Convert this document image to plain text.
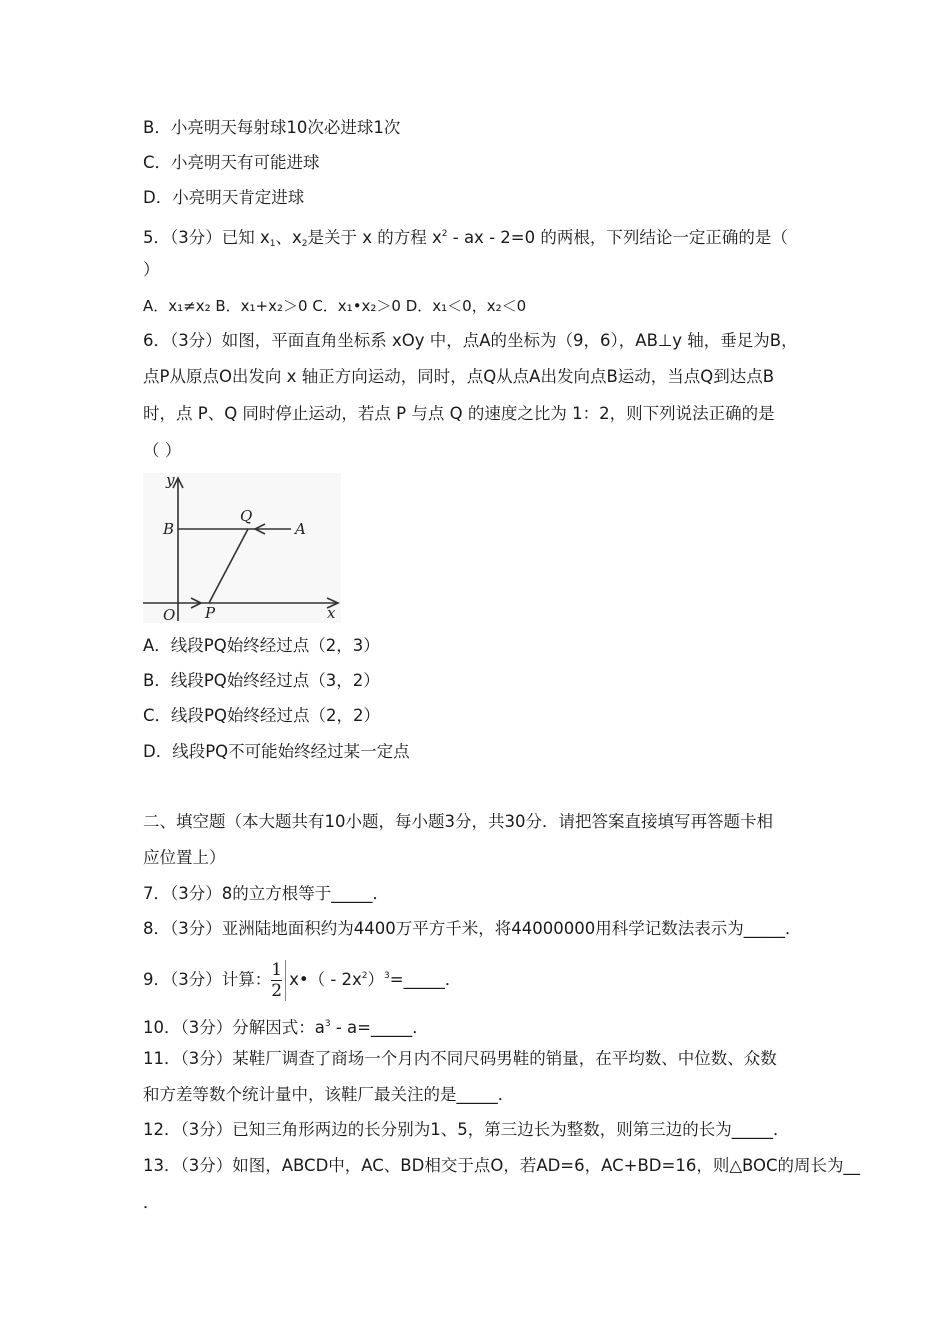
B．小亮明天每射球10次必进球1次
C．小亮明天有可能进球
D．小亮明天肯定进球
5．（3分）已知 $x_1$、$x_2$是关于 x 的方程 $x^2$ - ax - 2=0 的两根，下列结论一定正确的是（
）
A．x₁≠x₂ B．x₁+x₂＞0 C．x₁•x₂＞0 D．x₁＜0，x₂＜0
6．（3分）如图，平面直角坐标系 xOy 中，点A的坐标为（9，6），AB⊥y 轴，垂足为B，
点P从原点O出发向 x 轴正方向运动，同时，点Q从点A出发向点B运动，当点Q到达点B
时，点 P、Q 同时停止运动，若点 P 与点 Q 的速度之比为 1：2，则下列说法正确的是
（ ）
y
x
B
Q
A
O P
A．线段PQ始终经过点（2，3）
B．线段PQ始终经过点（3，2）
C．线段PQ始终经过点（2，2）
D．线段PQ不可能始终经过某一定点
二、填空题（本大题共有10小题，每小题3分，共30分．请把答案直接填写再答题卡相
应位置上）
7．（3分）8的立方根等于_____．
8．（3分）亚洲陆地面积约为4400万平方千米，将44000000用科学记数法表示为_____．
9．（3分）计算： $\frac{1}{2}$ x•（ - $2x^2)^3=\_\_\_\_\_$．
10．（3分）分解因式：$a^3$ - a=_____．
11．（3分）某鞋厂调查了商场一个月内不同尺码男鞋的销量，在平均数、中位数、众数
和方差等数个统计量中，该鞋厂最关注的是_____．
12．（3分）已知三角形两边的长分别为1、5，第三边长为整数，则第三边的长为_____．
13．（3分）如图，ABCD中，AC、BD相交于点O，若AD=6，AC+BD=16，则△BOC的周长为__
．
